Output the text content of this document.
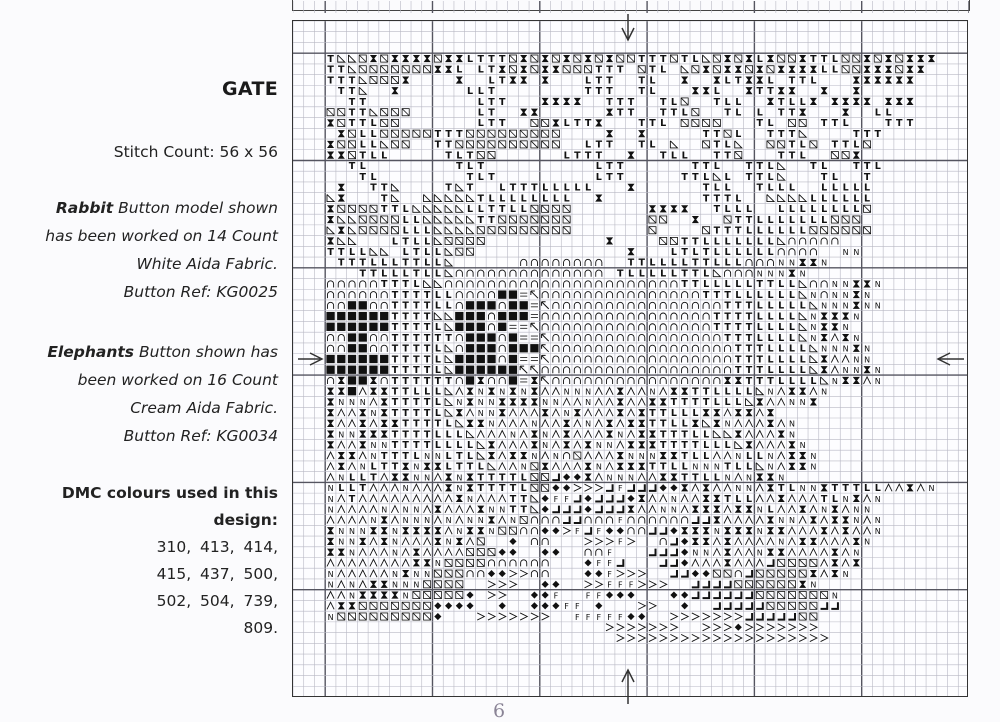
GATE
Stitch Count: 56 x 56
Rabbit Button model shown
has been worked on 14 Count
White Aida Fabric.
Button Ref: KG0025
Elephants Button shown has
been worked on 16 Count
Cream Aida Fabric.
Button Ref: KG0034
DMC colours used in this
design:
310, 413, 414,
415, 437, 500,
502, 504, 739,
809.
T	L T T T	T T T T L	L	T T L
T T	L L T	T T T	T L	L L
T T T	L T	L T T	T L	L T	L T T L
T T	L L T	T T T	T L	L	T T
T T	L T T	T T T	T L	T L L	T L L
T T	L T	T T	T T L	T L L T T	L L
T T L	L T T	L T T	T T L	T L	T T L	T T T
L L	T T T	T T L	T T T	T T T
L L	T T	L T T	T L	T L	T L	T T L
T L L	T L T	L T T T	T L L	T T	T T L
T L	T L T	L T T	T T L	T T L	T L	T T L
T L	T L T	L T T	T T L L T T L	T L	T
T T	T T	L T T T L L L L L	T L L	T L L L	L L L L L
T	T L L L L L L L L	T T T L	L L L L L L
T T L	L L T T L L	T L L L	L L L L L L L L
L L	T T	T T L L L L L L L
L L L	T T T L L L L L L
L T L L	T T L L L L L L L
T T L L	L T L L	L T L T L L L L L L	N N
T T T L L L T T L L	T T L L L L T T L L L	N N	N
T T L L L T L L	T L L L L L T T L	N N N N
T T T L	T T L L L L L T T L L	N N	N
T T T T L L	T T T L L L L L L N N N N
T T T T L L	T T T L L L L L N N N N N
T T T T	T T T T L L L L N	N
T T T T L	T T T T L L L L N	N
T T T T T T	T T T L L L L N	N
T T T T L	T T T L L L L N N N N
T T T T L	T T T L L L L	N N
T T T T L	T T T L L L L	N N N
T T T T T T	T T T L L L L N	N
T T L L L	N N N	N N N	N	T T L L L L N	N
N N N	T T T T L N N N	N N	N	T T T T L L L	N N
N T T T T L	N N	N	T T L L L
T T T T L	N	N	N	T T L L	N	N
N N	T T T T L L L	N	N	N	T T T L L	N
N N T T T T L L L L	N	N N	T T T T L L L	N
N T T T L N N L T L	N N	N N N	T L L	N L L N	N
N L T T N	L T T L	N	N	T T L L N N N T L L N	N
N L L T	N N	N T T T T L	N N N	T T L L N N	N
N L L T	N	N T T T T L	F	N N	T L N N T T T L L	N
N T	N	T T	F F	N	T L L	T L N	N
N	N N N	N N T T	N N	N L	N	N N
N	N N N N N N	N	F	N N	N N
N N N	N	N	N	F F	N	N	N
N N	N	N	F	N	N
N	N	F	N N	N	N
N	F F
N	N N N	F	N
N N	N N N	F F F	N
N	N	F	F F	N
F F
N	F F F F F
6
